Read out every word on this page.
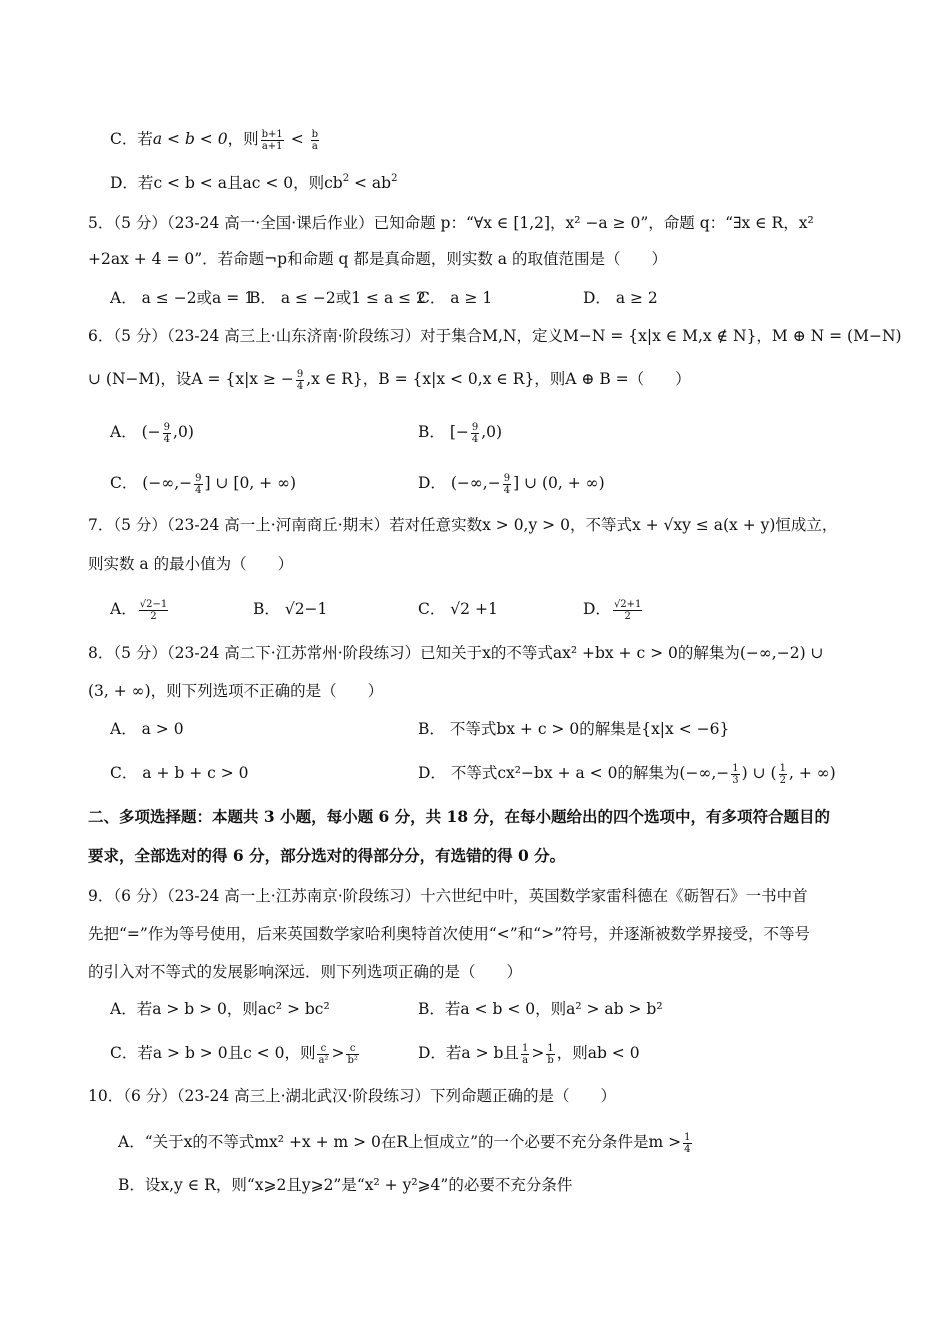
C．若a < b < 0，则 $\frac{b+1}{a+1} < \frac{b}{a}$
D．若c < b < a且ac < 0，则$cb^2 < ab^2$
5．（5 分）（23-24 高一·全国·课后作业）已知命题 p：“∀x ∈ [1,2]，x² −a ≥ 0”，命题 q：“∃x ∈ R，x²
+2ax + 4 = 0”．若命题¬p和命题 q 都是真命题，则实数 a 的取值范围是（　　）
A． a ≤ −2或a = 1
B． a ≤ −2或1 ≤ a ≤ 2
C． a ≥ 1	D． a ≥ 2
6．（5 分）（23-24 高三上·山东济南·阶段练习）对于集合M,N，定义M−N = {x|x ∈ M,x ∉ N}，M ⊕ N = (M−N)
∪ (N−M)，设A = {x|x ≥ − $\frac{9}{4} ,x$ ∈ R}，B = {x|x < 0,x ∈ R}，则A ⊕ B =（　　）
A． (− $\frac{9}{4} ,0$)	B． [− $\frac{9}{4} ,0$)
C． (−∞,− $\frac{9}{4}$ ] ∪ [0, + ∞)	D． (−∞,− $\frac{9}{4}$ ] ∪ (0, + ∞)
7．（5 分）（23-24 高一上·河南商丘·期末）若对任意实数x > 0,y > 0，不等式x + √xy ≤ a(x + y)恒成立，
则实数 a 的最小值为（　　）
A． $\frac{√2-1}{2}$	B． √2−1	C． √2 +1	D． $\frac{√2+1}{2}$
8．（5 分）（23-24 高二下·江苏常州·阶段练习）已知关于x的不等式ax² +bx + c > 0的解集为(−∞,−2) ∪
(3, + ∞)，则下列选项不正确的是（　　）
A． a > 0	B． 不等式bx + c > 0的解集是{x|x < −6}
C． a + b + c > 0	D． 不等式cx²−bx + a < 0的解集为(−∞,− $\frac{1}{3}$ ) ∪ ( $\frac{1}{2}$ , + ∞)
二、多项选择题：本题共 3 小题，每小题 6 分，共 18 分，在每小题给出的四个选项中，有多项符合题目的
要求，全部选对的得 6 分，部分选对的得部分分，有选错的得 0 分。
9．（6 分）（23-24 高一上·江苏南京·阶段练习）十六世纪中叶，英国数学家雷科德在《砺智石》一书中首
先把“=”作为等号使用，后来英国数学家哈利奥特首次使用“<”和“>”符号，并逐渐被数学界接受，不等号
的引入对不等式的发展影响深远．则下列选项正确的是（　　）
A．若a > b > 0，则ac² > bc²	B．若a < b < 0，则a² > ab > b²
C．若a > b > 0且c < 0，则 $\frac{c}{\text{a²}} > \frac{c}{\text{b²}}$	D．若a > b且 $\frac{1}{a} > \frac{1}{b}$ ，则ab < 0
10．（6 分）（23-24 高三上·湖北武汉·阶段练习）下列命题正确的是（　　）
A．“关于x的不等式mx² +x + m > 0在R上恒成立”的一个必要不充分条件是$m > \frac{1}{4}$
B．设x,y ∈ R，则“x⩾2且y⩾2”是“x² + y²⩾4”的必要不充分条件
